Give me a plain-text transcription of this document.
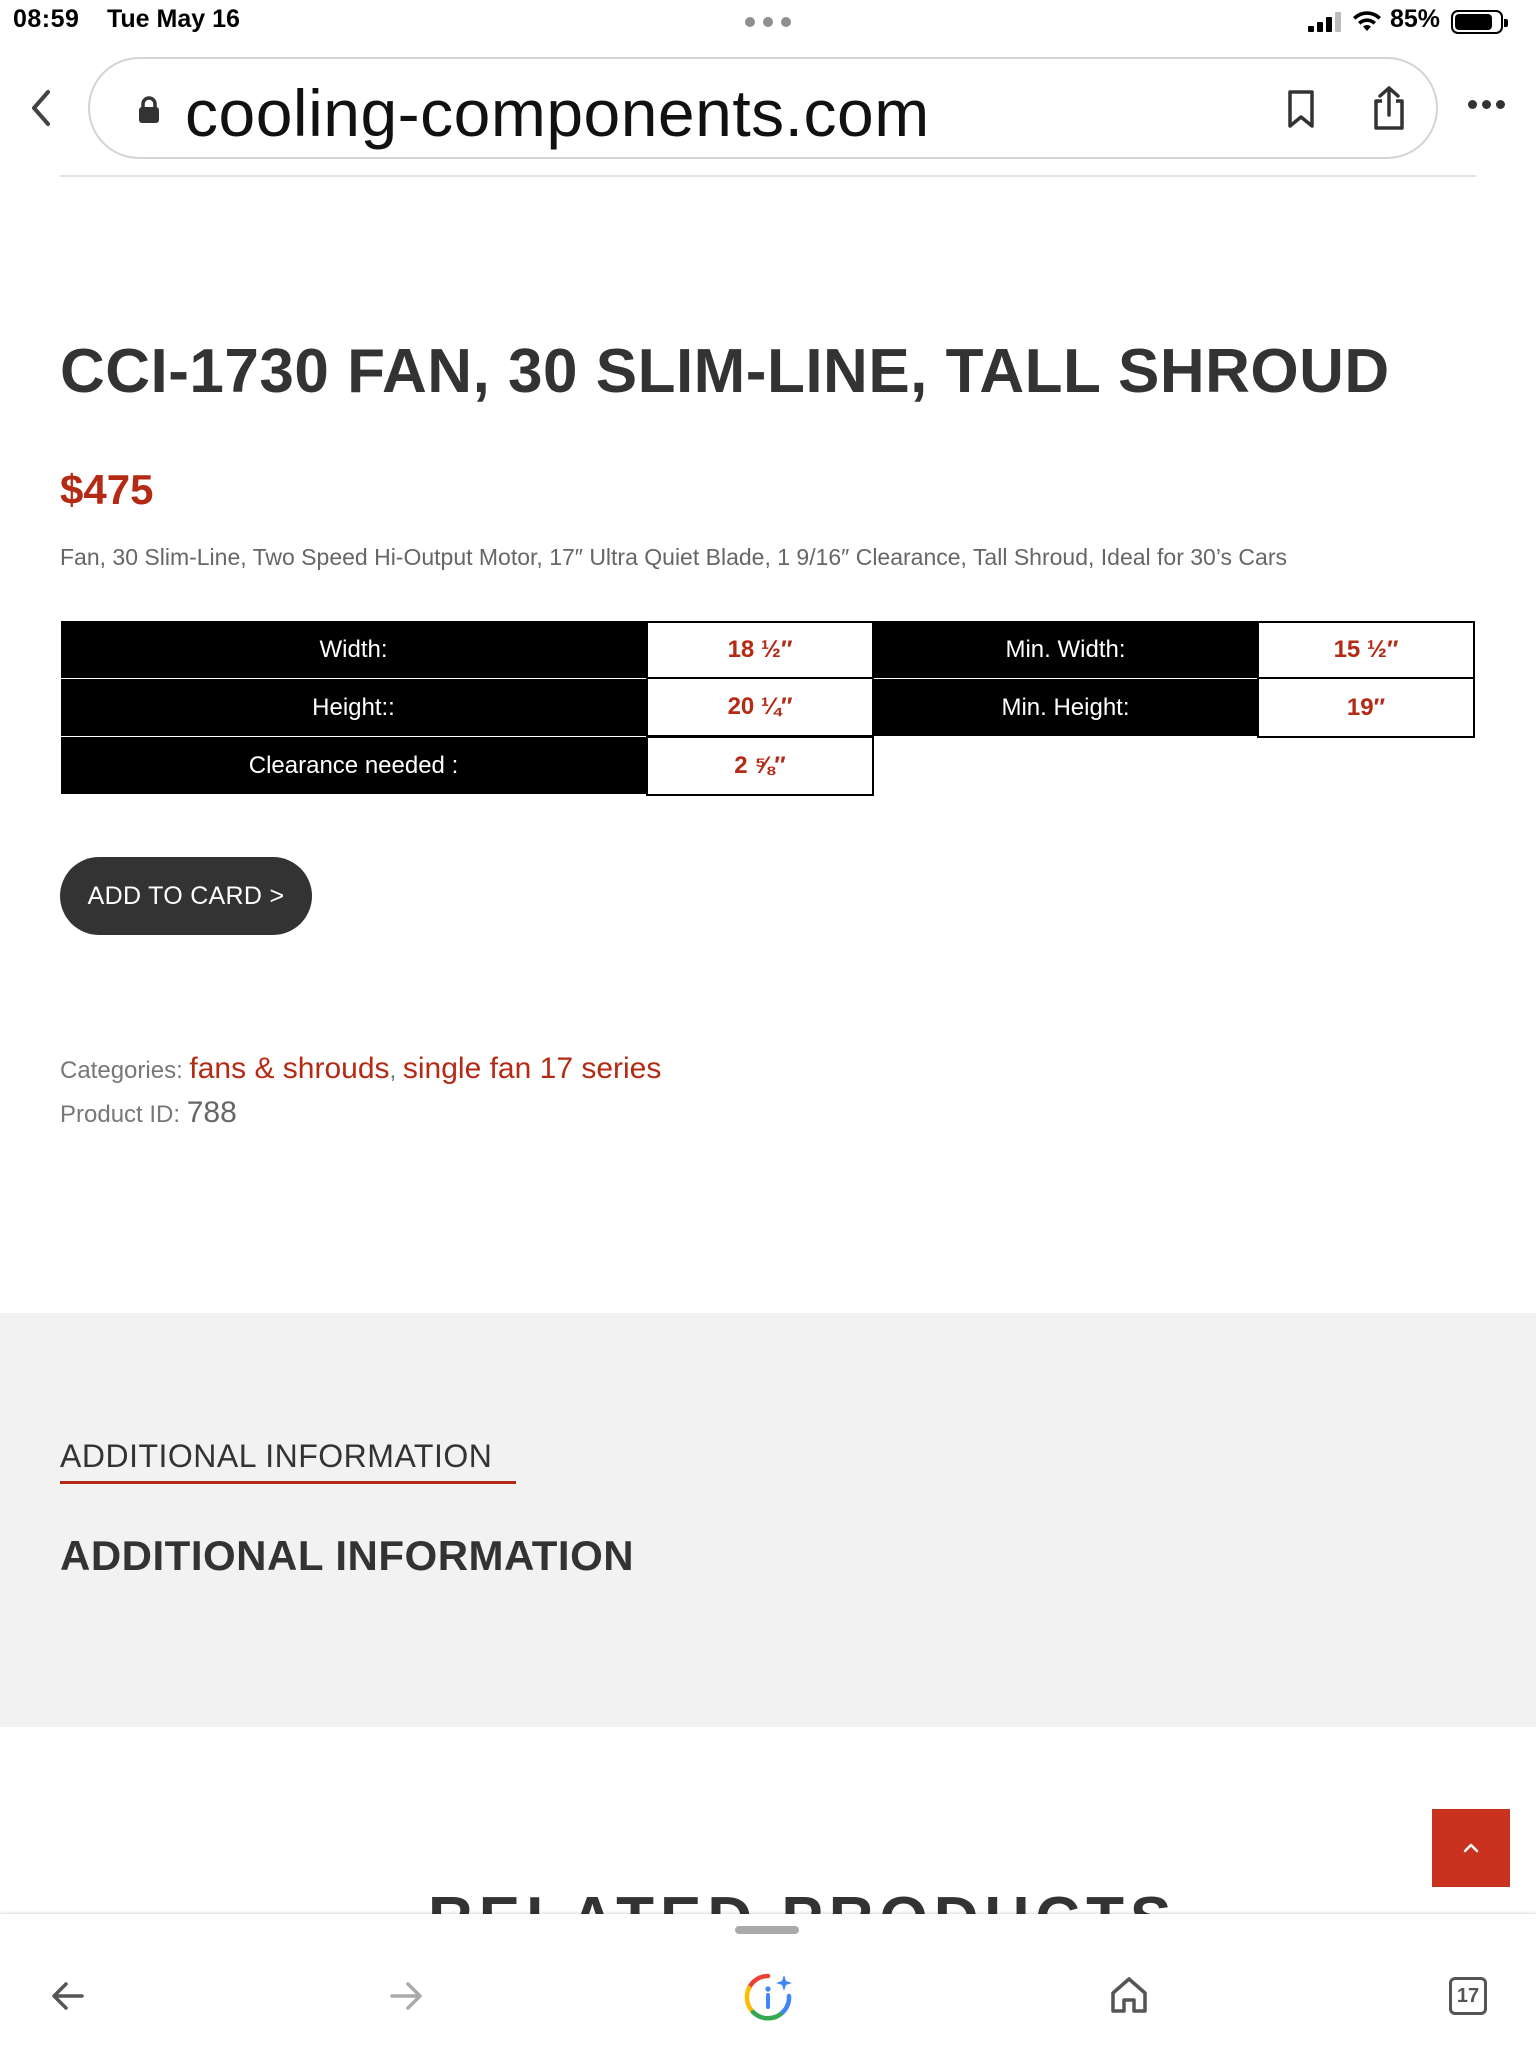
08:59 Tue May 16	85%
cooling-components.com
CCI-1730 FAN, 30 SLIM-LINE, TALL SHROUD
$475

Fan, 30 Slim-Line, Two Speed Hi-Output Motor, 17″ Ultra Quiet Blade, 1 9/16″ Clearance, Tall Shroud, Ideal for 30’s Cars

Width:	18 ½″	Min. Width:	15 ½″
Height::	20 ¼″	Min. Height:	19″
Clearance needed :	2 ⅝″
ADD TO CARD >
Categories: fans & shrouds, single fan 17 series
Product ID: 788
ADDITIONAL INFORMATION
ADDITIONAL INFORMATION
17
